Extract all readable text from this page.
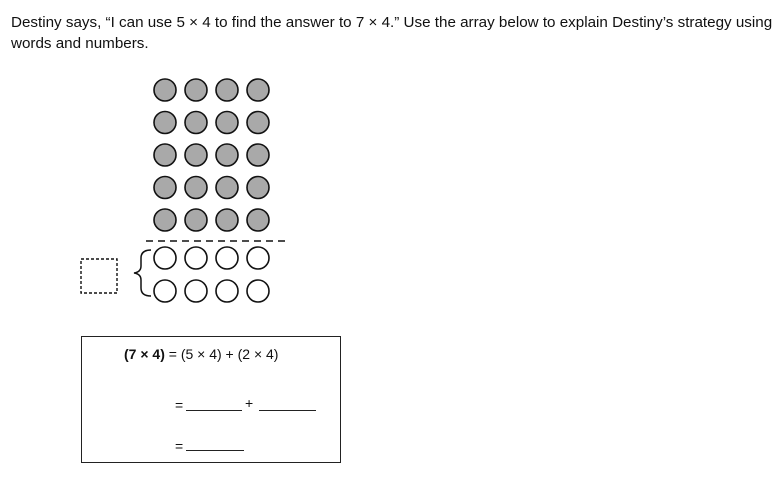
Destiny says, “I can use 5 × 4 to find the answer to 7 × 4.” Use the array below to explain Destiny’s strategy using words and numbers.

(7 × 4) = (5 × 4) + (2 × 4)
=	+
=
